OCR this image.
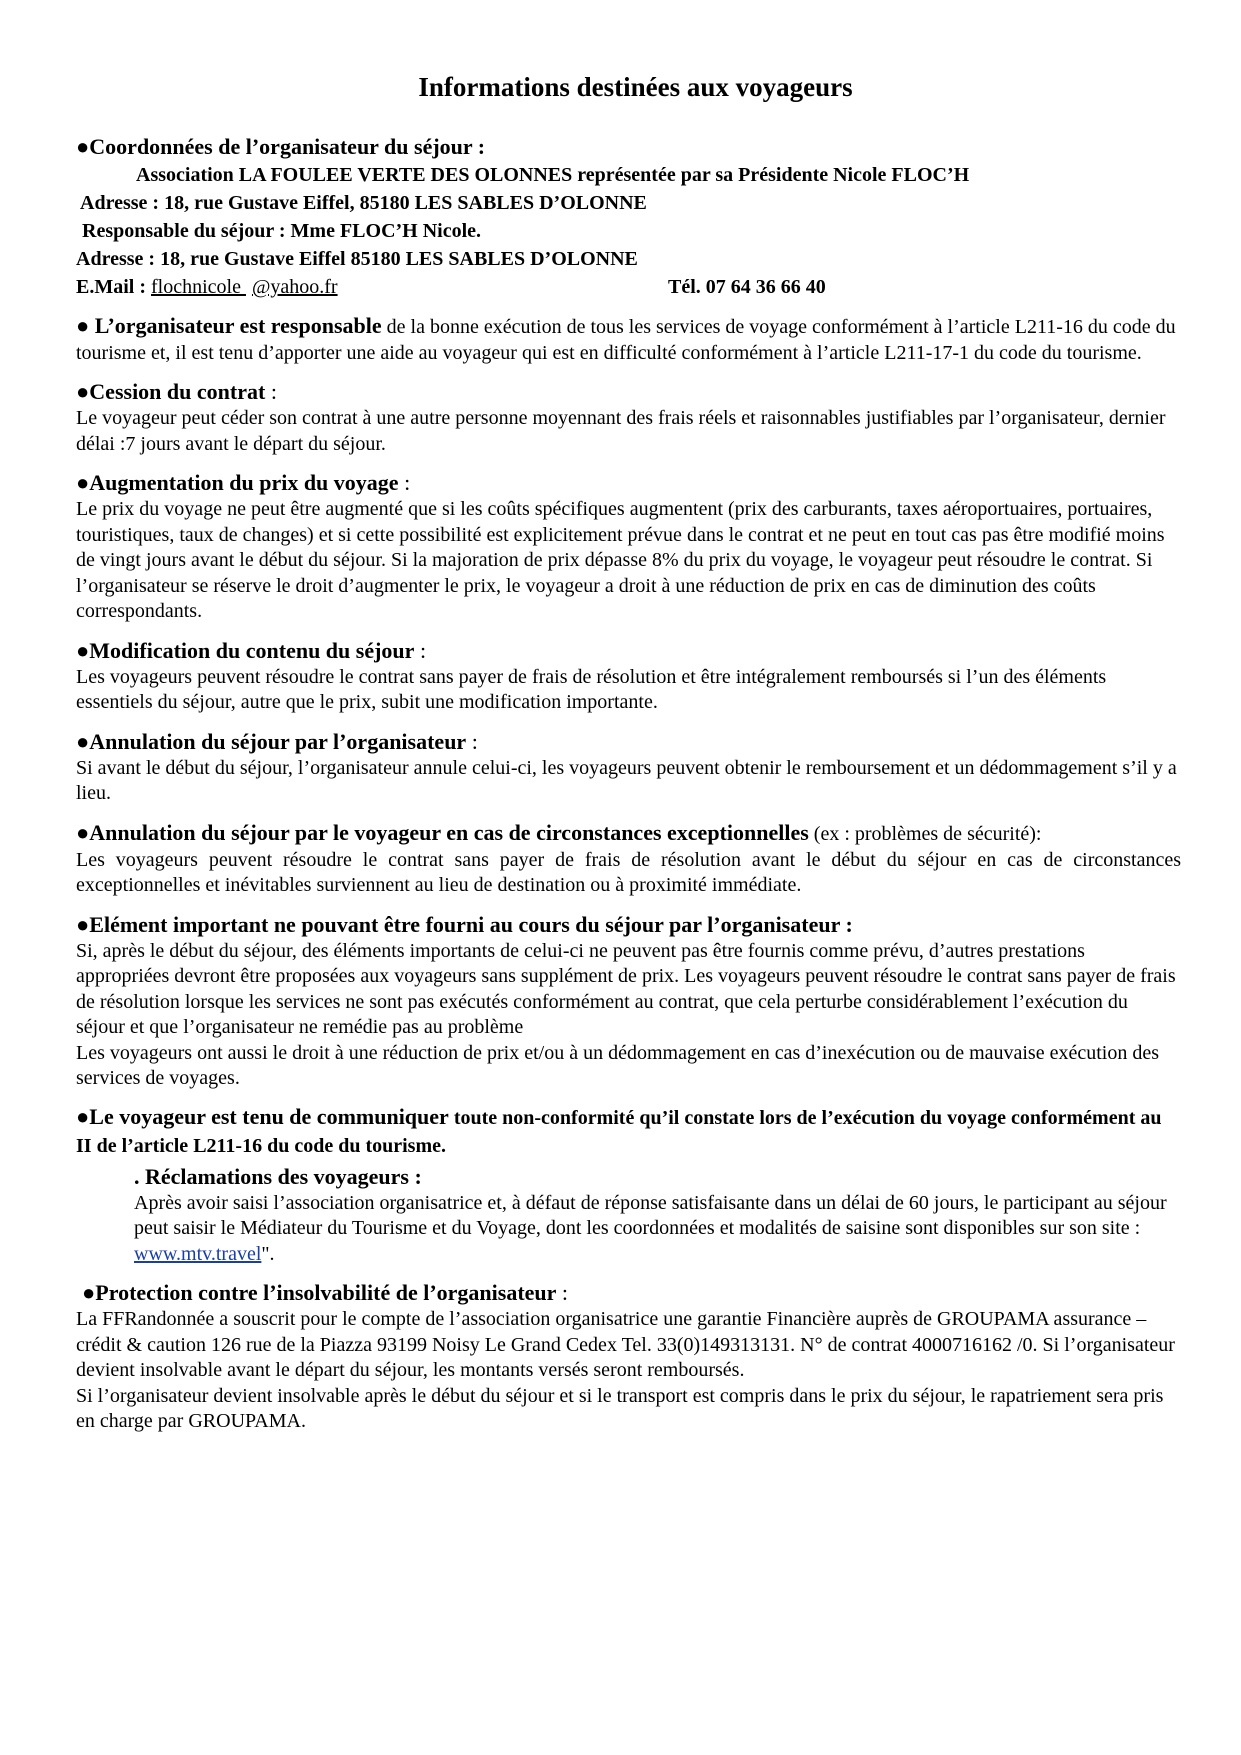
Informations destinées aux voyageurs
●Coordonnées de l’organisateur du séjour :
Association LA FOULEE VERTE DES OLONNES représentée par sa Présidente Nicole FLOC’H
Adresse : 18, rue Gustave Eiffel, 85180 LES SABLES D’OLONNE
Responsable du séjour : Mme FLOC’H Nicole.
Adresse : 18, rue Gustave Eiffel 85180 LES SABLES D’OLONNE
E.Mail : flochnicole @yahoo.fr	Tél. 07 64 36 66 40
● L’organisateur est responsable de la bonne exécution de tous les services de voyage conformément à l’article L211-16 du code du tourisme et, il est tenu d’apporter une aide au voyageur qui est en difficulté conformément à l’article L211-17-1 du code du tourisme.
●Cession du contrat :
Le voyageur peut céder son contrat à une autre personne moyennant des frais réels et raisonnables justifiables par l’organisateur, dernier délai :7 jours avant le départ du séjour.
●Augmentation du prix du voyage :
Le prix du voyage ne peut être augmenté que si les coûts spécifiques augmentent (prix des carburants, taxes aéroportuaires, portuaires, touristiques, taux de changes) et si cette possibilité est explicitement prévue dans le contrat et ne peut en tout cas pas être modifié moins de vingt jours avant le début du séjour. Si la majoration de prix dépasse 8% du prix du voyage, le voyageur peut résoudre le contrat. Si l’organisateur se réserve le droit d’augmenter le prix, le voyageur a droit à une réduction de prix en cas de diminution des coûts correspondants.
●Modification du contenu du séjour :
Les voyageurs peuvent résoudre le contrat sans payer de frais de résolution et être intégralement remboursés si l’un des éléments essentiels du séjour, autre que le prix, subit une modification importante.
●Annulation du séjour par l’organisateur :
Si avant le début du séjour, l’organisateur annule celui-ci, les voyageurs peuvent obtenir le remboursement et un dédommagement s’il y a lieu.
●Annulation du séjour par le voyageur en cas de circonstances exceptionnelles (ex : problèmes de sécurité):
Les voyageurs peuvent résoudre le contrat sans payer de frais de résolution avant le début du séjour en cas de circonstances exceptionnelles et inévitables surviennent au lieu de destination ou à proximité immédiate.
●Elément important ne pouvant être fourni au cours du séjour par l’organisateur :
Si, après le début du séjour, des éléments importants de celui-ci ne peuvent pas être fournis comme prévu, d’autres prestations appropriées devront être proposées aux voyageurs sans supplément de prix. Les voyageurs peuvent résoudre le contrat sans payer de frais de résolution lorsque les services ne sont pas exécutés conformément au contrat, que cela perturbe considérablement l’exécution du séjour et que l’organisateur ne remédie pas au problème
Les voyageurs ont aussi le droit à une réduction de prix et/ou à un dédommagement en cas d’inexécution ou de mauvaise exécution des services de voyages.
●Le voyageur est tenu de communiquer toute non-conformité qu’il constate lors de l’exécution du voyage conformément au II de l’article L211-16 du code du tourisme.
. Réclamations des voyageurs :
Après avoir saisi l’association organisatrice et, à défaut de réponse satisfaisante dans un délai de 60 jours, le participant au séjour peut saisir le Médiateur du Tourisme et du Voyage, dont les coordonnées et modalités de saisine sont disponibles sur son site : www.mtv.travel".
●Protection contre l’insolvabilité de l’organisateur :
La FFRandonnée a souscrit pour le compte de l’association organisatrice une garantie Financière auprès de GROUPAMA assurance –crédit & caution 126 rue de la Piazza 93199 Noisy Le Grand Cedex Tel. 33(0)149313131. N° de contrat 4000716162 /0. Si l’organisateur devient insolvable avant le départ du séjour, les montants versés seront remboursés.
Si l’organisateur devient insolvable après le début du séjour et si le transport est compris dans le prix du séjour, le rapatriement sera pris en charge par GROUPAMA.
